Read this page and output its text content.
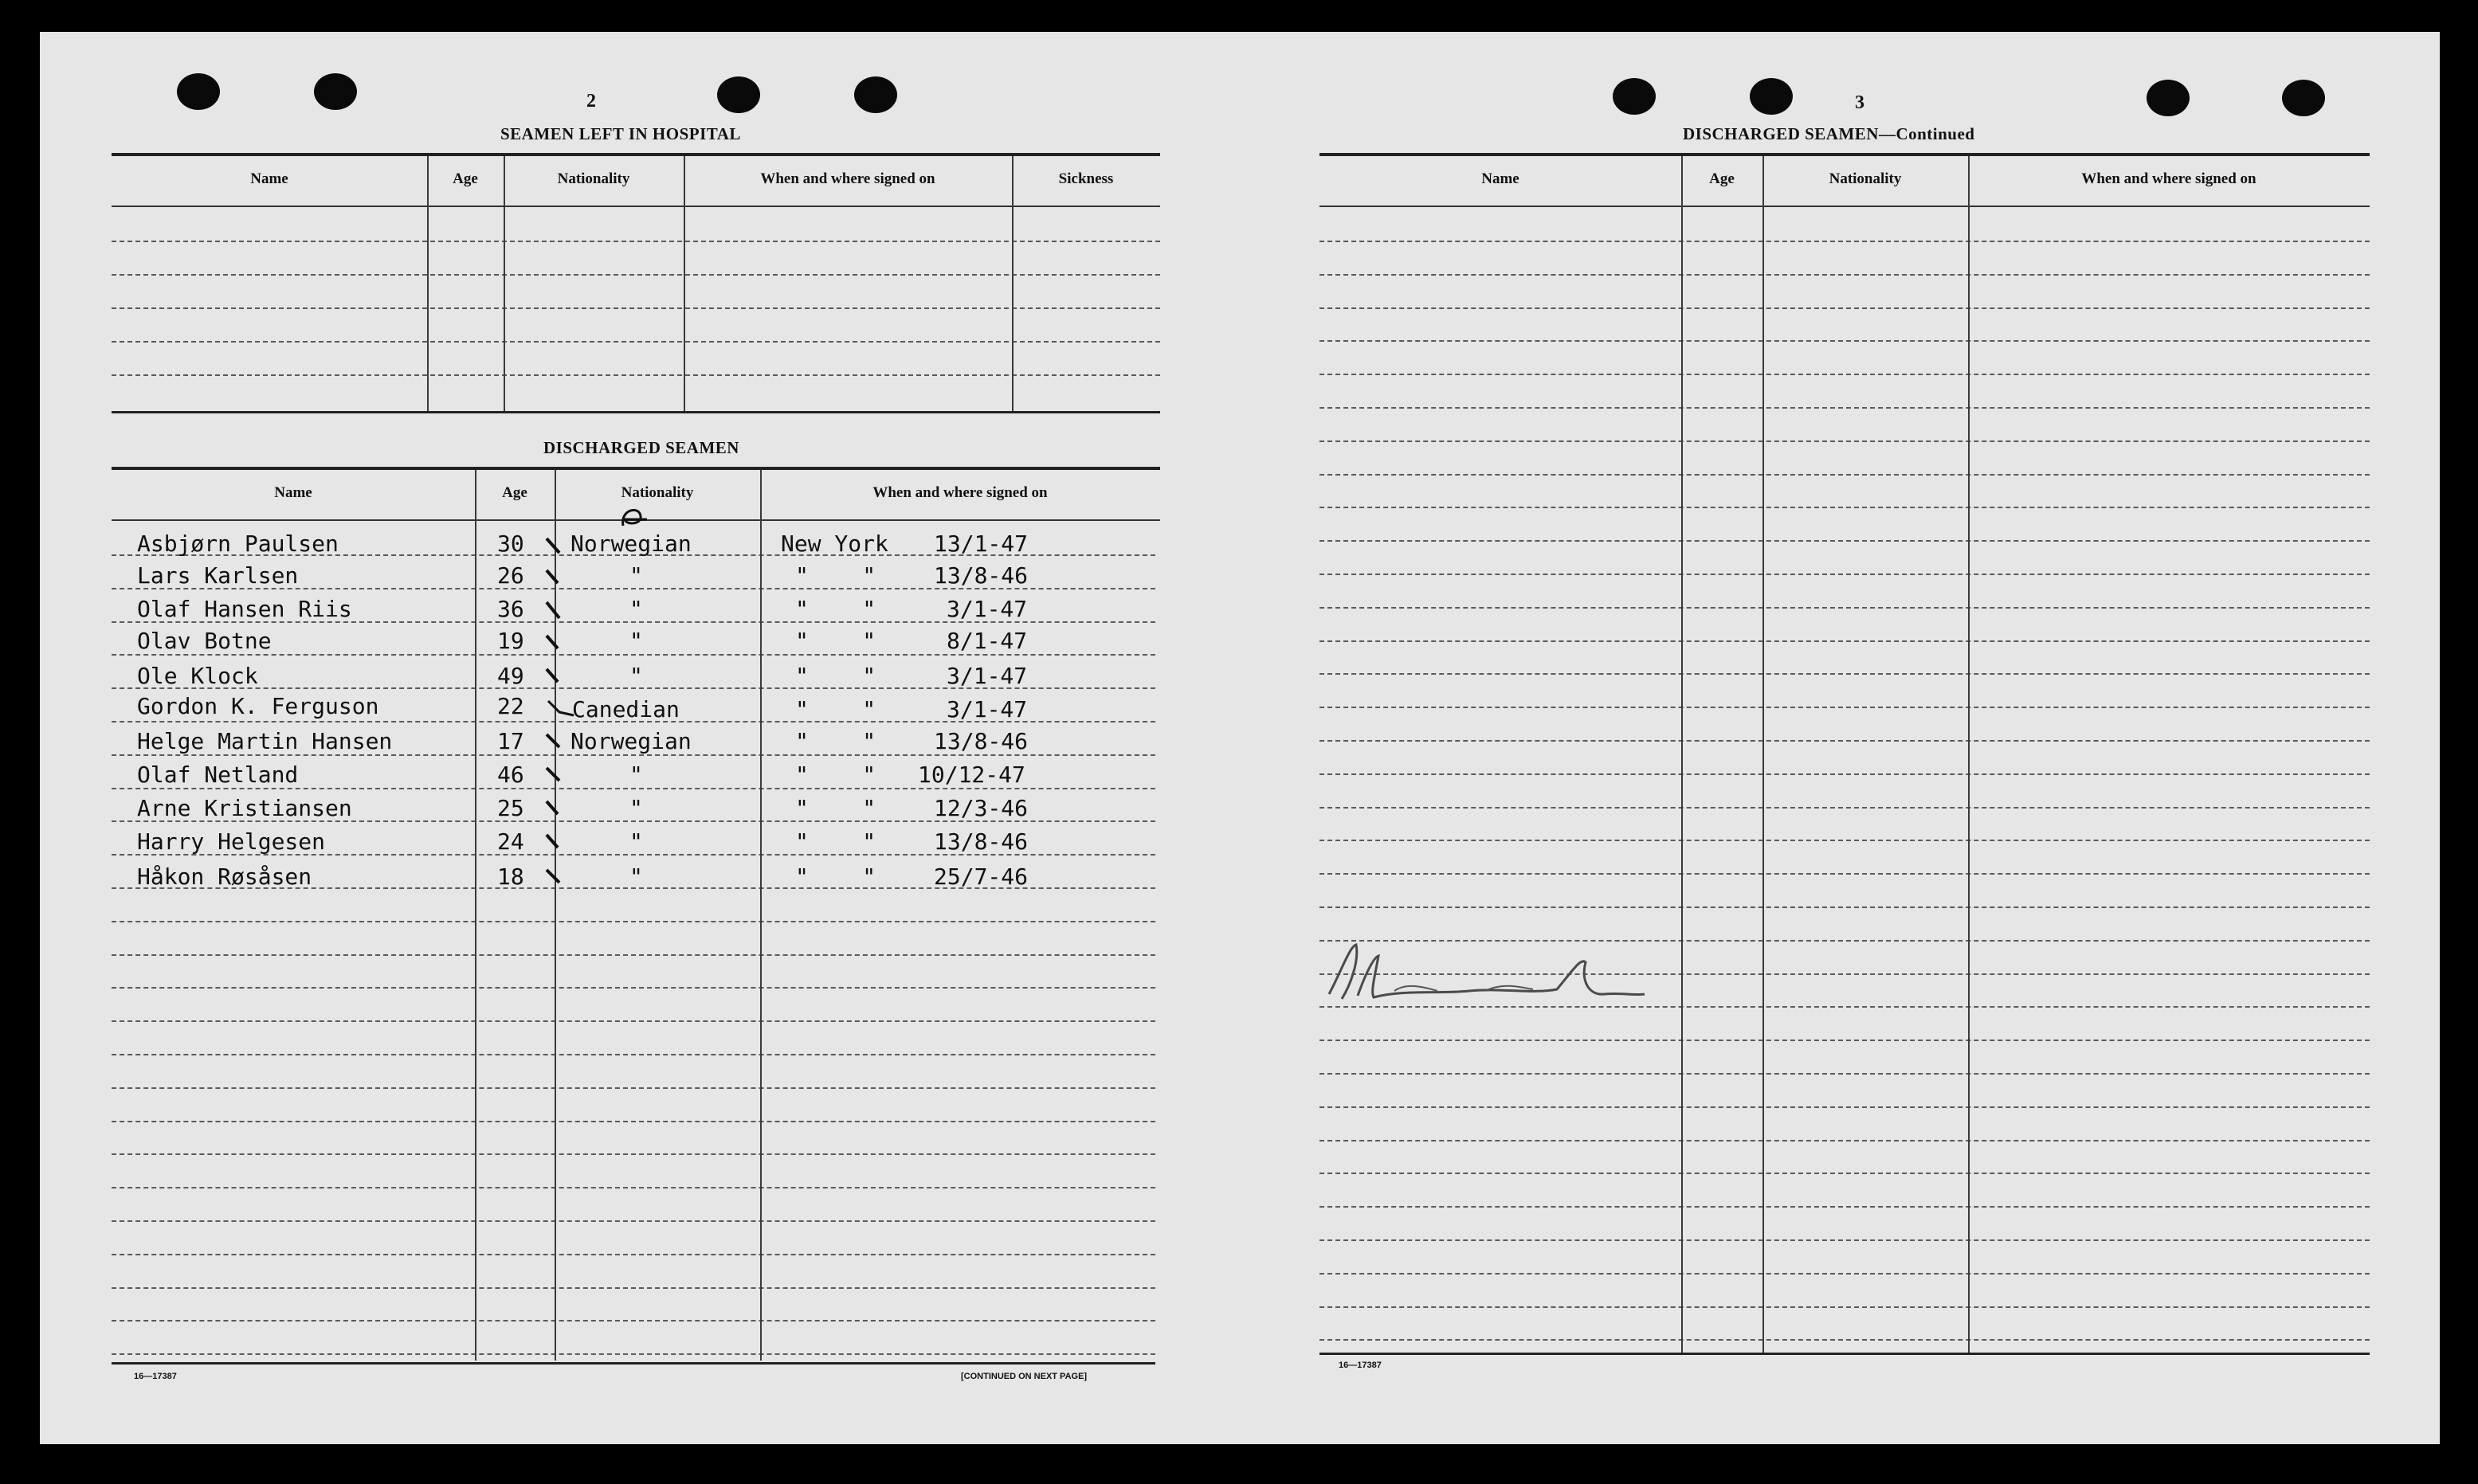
2
SEAMEN LEFT IN HOSPITAL
Name	Age	Nationality	When and where signed on	Sickness
DISCHARGED SEAMEN
Name	Age	Nationality	When and where signed on
Asbjørn Paulsen	30 Norwegian	New York 13/1-47
Lars Karlsen	26	"	"    "	13/8-46
Olaf Hansen Riis	36	"	"    "	3/1-47
Olav Botne	19	"	"    "	8/1-47
Ole Klock	49	"	"    "	3/1-47
Gordon K. Ferguson	22 Canedian	"    "	3/1-47
Helge Martin Hansen	17 Norwegian	"    "	13/8-46
Olaf Netland	46	"	"    " 10/12-47
Arne Kristiansen	25	"	"    "	12/3-46
Harry Helgesen	24	"	"    "	13/8-46
Håkon Røsåsen	18	"	"    "	25/7-46
16—17387	[CONTINUED ON NEXT PAGE]
3
DISCHARGED SEAMEN—Continued
Name	Age	Nationality	When and where signed on
16—17387
